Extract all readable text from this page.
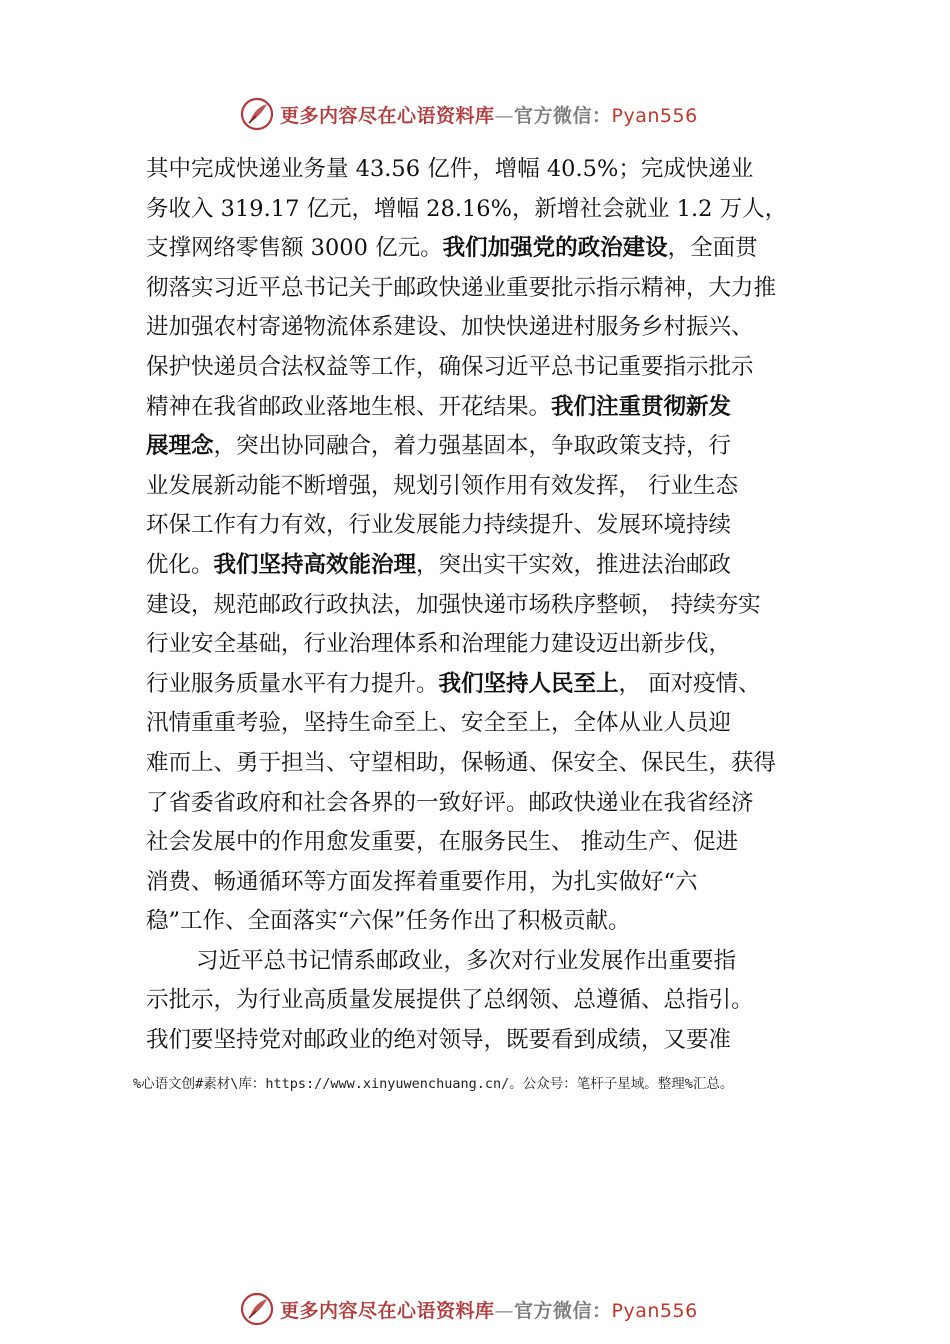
更多内容尽在心语资料库—官方微信：Pyan556
其中完成快递业务量 43.56 亿件，增幅 40.5%；完成快递业
务收入 319.17 亿元，增幅 28.16%，新增社会就业 1.2 万人，
支撑网络零售额 3000 亿元。我们加强党的政治建设，全面贯
彻落实习近平总书记关于邮政快递业重要批示指示精神，大力推
进加强农村寄递物流体系建设、加快快递进村服务乡村振兴、
保护快递员合法权益等工作，确保习近平总书记重要指示批示
精神在我省邮政业落地生根、开花结果。我们注重贯彻新发
展理念，突出协同融合，着力强基固本，争取政策支持，行
业发展新动能不断增强，规划引领作用有效发挥， 行业生态
环保工作有力有效，行业发展能力持续提升、发展环境持续
优化。我们坚持高效能治理，突出实干实效，推进法治邮政
建设，规范邮政行政执法，加强快递市场秩序整顿， 持续夯实
行业安全基础，行业治理体系和治理能力建设迈出新步伐，
行业服务质量水平有力提升。我们坚持人民至上， 面对疫情、
汛情重重考验，坚持生命至上、安全至上，全体从业人员迎
难而上、勇于担当、守望相助，保畅通、保安全、保民生，获得
了省委省政府和社会各界的一致好评。邮政快递业在我省经济
社会发展中的作用愈发重要，在服务民生、 推动生产、促进
消费、畅通循环等方面发挥着重要作用，为扎实做好“六
稳”工作、全面落实“六保”任务作出了积极贡献。
习近平总书记情系邮政业，多次对行业发展作出重要指
示批示，为行业高质量发展提供了总纲领、总遵循、总指引。
我们要坚持党对邮政业的绝对领导，既要看到成绩，又要准
%心语文创#素材\库：https://www.xinyuwenchuang.cn/。公众号：笔杆子星域。整理%汇总。
更多内容尽在心语资料库—官方微信：Pyan556
